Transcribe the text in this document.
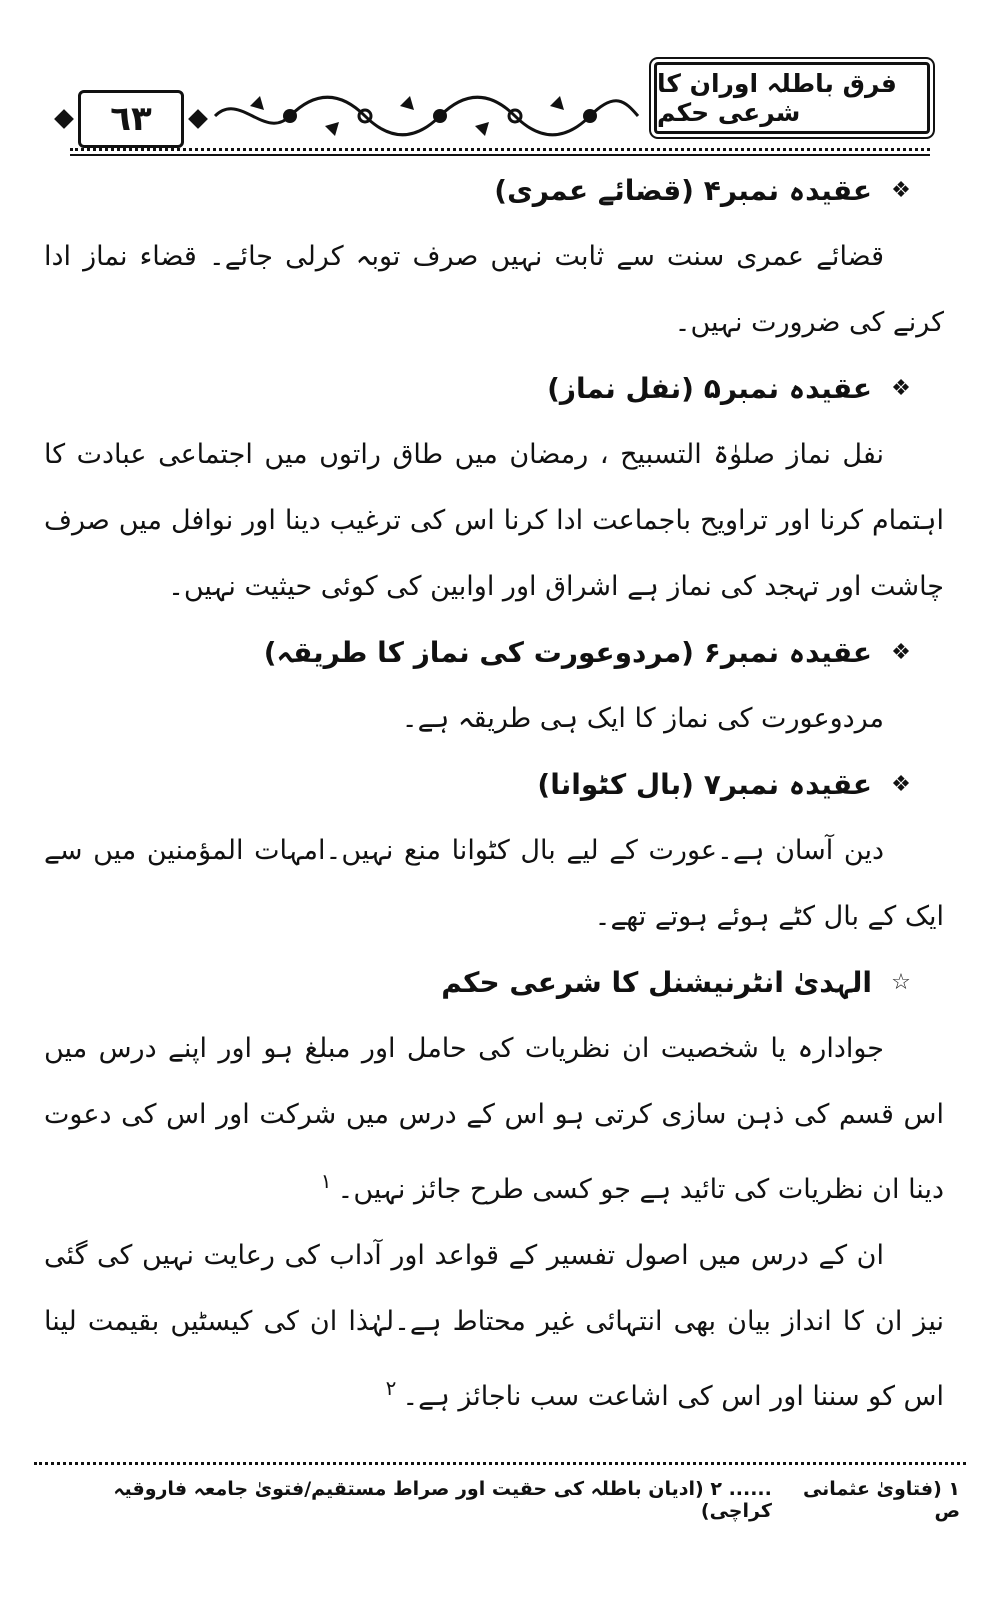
٦٣
فرق باطلہ اوران کا شرعی حکم
❖
عقیدہ نمبر۴ (قضائے عمری)

قضائے عمری سنت سے ثابت نہیں صرف توبہ کرلی جائے۔ قضاء نماز ادا کرنے کی ضرورت نہیں۔

❖
عقیدہ نمبر۵ (نفل نماز)

نفل نماز صلوٰۃ التسبیح ، رمضان میں طاق راتوں میں اجتماعی عبادت کا اہتمام کرنا اور تراویح باجماعت ادا کرنا اس کی ترغیب دینا اور نوافل میں صرف چاشت اور تہجد کی نماز ہے اشراق اور اوابین کی کوئی حیثیت نہیں۔

❖
عقیدہ نمبر۶ (مردوعورت کی نماز کا طریقہ)

مردوعورت کی نماز کا ایک ہی طریقہ ہے۔

❖
عقیدہ نمبر۷ (بال کٹوانا)

دین آسان ہے۔عورت کے لیے بال کٹوانا منع نہیں۔امہات المؤمنین میں سے ایک کے بال کٹے ہوئے ہوتے تھے۔

☆
الہدیٰ انٹرنیشنل کا شرعی حکم

جوادارہ یا شخصیت ان نظریات کی حامل اور مبلغ ہو اور اپنے درس میں اس قسم کی ذہن سازی کرتی ہو اس کے درس میں شرکت اور اس کی دعوت دینا ان نظریات کی تائید ہے جو کسی طرح جائز نہیں۔$^١$

ان کے درس میں اصول تفسیر کے قواعد اور آداب کی رعایت نہیں کی گئی نیز ان کا انداز بیان بھی انتہائی غیر محتاط ہے۔لہٰذا ان کی کیسٹیں بقیمت لینا اس کو سننا اور اس کی اشاعت سب ناجائز ہے۔$^٢$

١ (فتاویٰ عثمانی ص
...... ٢ (ادیان باطلہ کی حقیت اور صراط مستقیم/فتویٰ جامعہ فاروقیہ کراچی)
